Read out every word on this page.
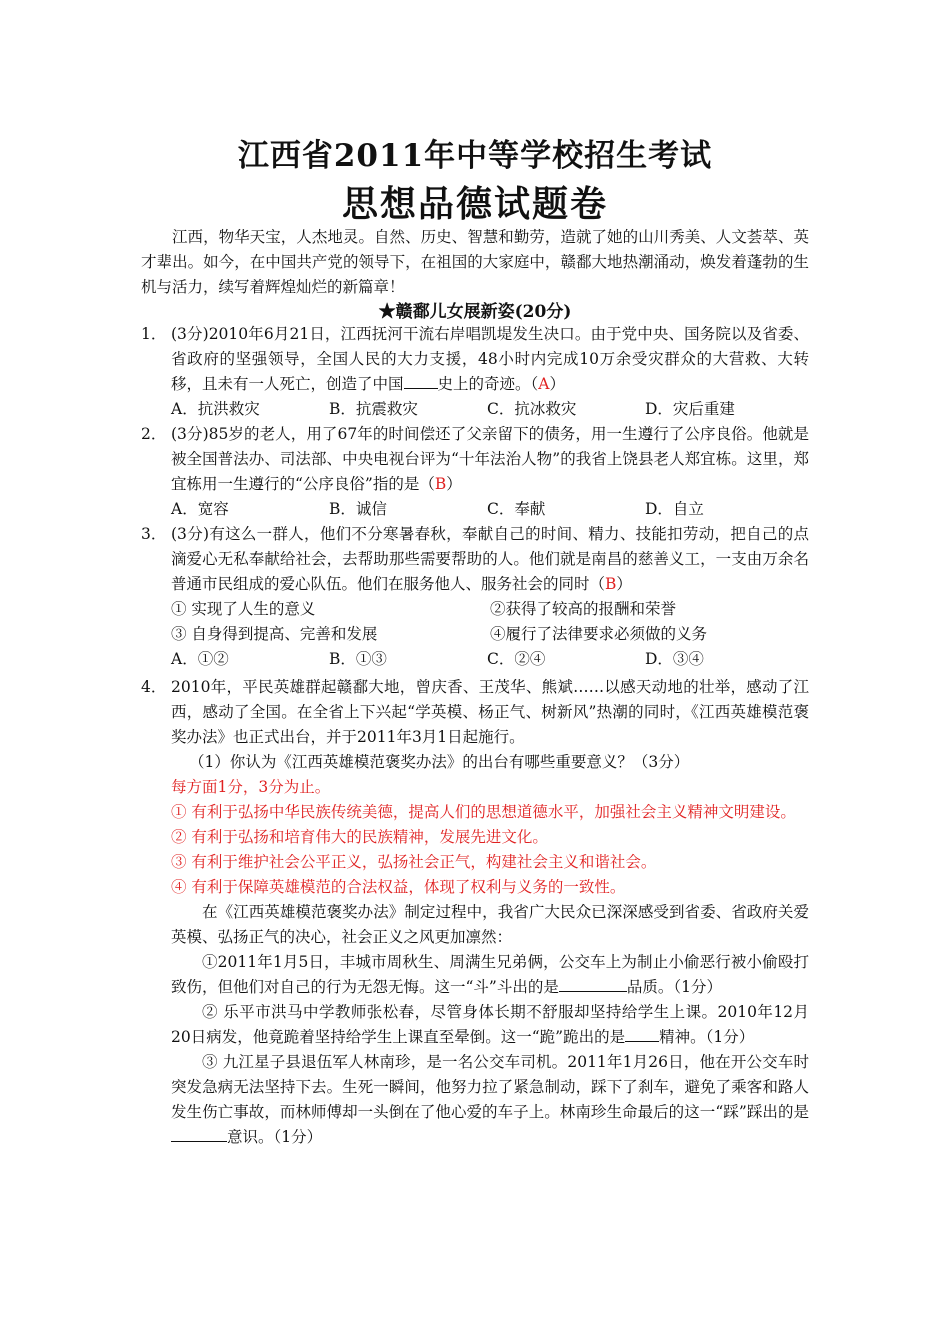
江西省2011年中等学校招生考试
思想品德试题卷
江西，物华天宝，人杰地灵。自然、历史、智慧和勤劳，造就了她的山川秀美、人文荟萃、英才辈出。如今，在中国共产党的领导下，在祖国的大家庭中，赣鄱大地热潮涌动，焕发着蓬勃的生机与活力，续写着辉煌灿烂的新篇章！
★赣鄱儿女展新姿(20分)
1． (3分)2010年6月21日，江西抚河干流右岸唱凯堤发生决口。由于党中央、国务院以及省委、省政府的坚强领导，全国人民的大力支援，48小时内完成10万余受灾群众的大营救、大转移，且未有一人死亡，创造了中国 史上的奇迹。（A）
A．抗洪救灾	B．抗震救灾	C．抗冰救灾	D．灾后重建
2． (3分)85岁的老人，用了67年的时间偿还了父亲留下的债务，用一生遵行了公序良俗。他就是被全国普法办、司法部、中央电视台评为“十年法治人物”的我省上饶县老人郑宜栋。这里，郑宜栋用一生遵行的“公序良俗”指的是（B）
A．宽容	B．诚信	C．奉献	D．自立
3． (3分)有这么一群人，他们不分寒暑春秋，奉献自己的时间、精力、技能扣劳动，把自己的点滴爱心无私奉献给社会，去帮助那些需要帮助的人。他们就是南昌的慈善义工，一支由万余名普通市民组成的爱心队伍。他们在服务他人、服务社会的同时（B）
① 实现了人生的意义	②获得了较高的报酬和荣誉
③ 自身得到提高、完善和发展	④履行了法律要求必须做的义务
A．①②	B．①③	C．②④	D．③④
4． 2010年，平民英雄群起赣鄱大地，曾庆香、王茂华、熊斌……以感天动地的壮举，感动了江西，感动了全国。在全省上下兴起“学英模、杨正气、树新风”热潮的同时，《江西英雄模范褒奖办法》也正式出台，并于2011年3月1日起施行。
（1）你认为《江西英雄模范褒奖办法》的出台有哪些重要意义？（3分）
每方面1分，3分为止。
① 有利于弘扬中华民族传统美德，提高人们的思想道德水平，加强社会主义精神文明建设。
② 有利于弘扬和培育伟大的民族精神，发展先进文化。
③ 有利于维护社会公平正义，弘扬社会正气，构建社会主义和谐社会。
④ 有利于保障英雄模范的合法权益，体现了权利与义务的一致性。
在《江西英雄模范褒奖办法》制定过程中，我省广大民众已深深感受到省委、省政府关爱英模、弘扬正气的决心，社会正义之风更加凛然：
①2011年1月5日，丰城市周秋生、周满生兄弟俩，公交车上为制止小偷恶行被小偷殴打致伤，但他们对自己的行为无怨无悔。这一“斗”斗出的是	品质。（1分）
② 乐平市洪马中学教师张松春，尽管身体长期不舒服却坚持给学生上课。2010年12月20日病发，他竟跪着坚持给学生上课直至晕倒。这一“跪”跪出的是 精神。（1分）
③ 九江星子县退伍军人林南珍，是一名公交车司机。2011年1月26日，他在开公交车时突发急病无法坚持下去。生死一瞬间，他努力拉了紧急制动，踩下了刹车，避免了乘客和路人发生伤亡事故，而林师傅却一头倒在了他心爱的车子上。林南珍生命最后的这一“踩”踩出的是意识。（1分）
